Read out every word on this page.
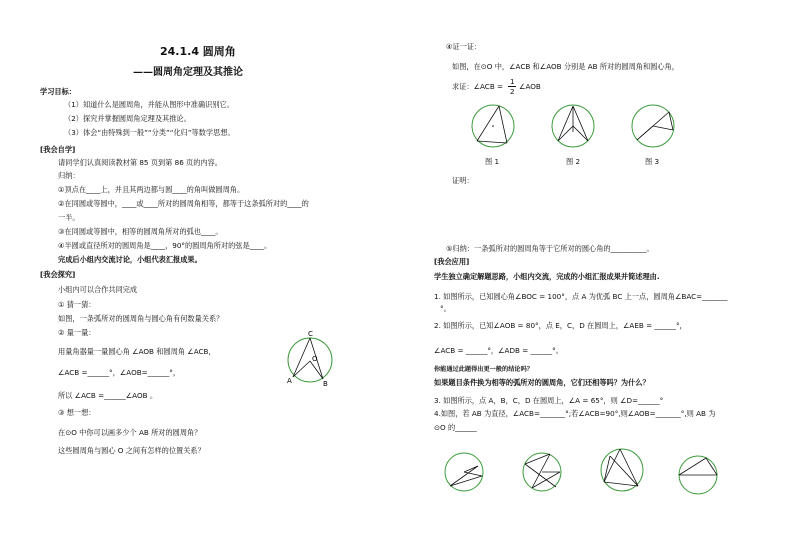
24.1.4 圆周角
——圆周角定理及其推论
学习目标：
（1）知道什么是圆周角，并能从图形中准确识别它。
（2）探究并掌握圆周角定理及其推论。
（3）体会“由特殊到一般”“分类”“化归”等数学思想。
[我会自学]
请同学们认真阅读教材第 85 页到第 86 页的内容。
归纳：
①顶点在____上，并且其两边都与圆____的角叫做圆周角。
②在同圆或等圆中，____或____所对的圆周角相等，都等于这条弧所对的____的
一半。
③在同圆或等圆中，相等的圆周角所对的弧也____。
④半圆或直径所对的圆周角是____，90°的圆周角所对的弦是____。
完成后小组内交流讨论，小组代表汇报成果。
[我会探究]
小组内可以合作共同完成
① 猜一猜：
如图，一条弧所对的圆周角与圆心角有何数量关系？
② 量一量：
用量角器量一量圆心角 ∠AOB 和圆周角 ∠ACB，
∠ACB =______°，∠AOB=______°，
所以 ∠ACB =______∠AOB 。
③ 想一想：
在⊙O 中你可以画多少个 AB 所对的圆周角？
这些圆周角与圆心 O 之间有怎样的位置关系？
C
O
A	B
④证一证：
如图，在⊙O 中，∠ACB 和∠AOB 分别是 AB 所对的圆周角和圆心角，
求证：∠ACB =
1
2
∠AOB
图 1	图 2	图 3
证明：
⑤归纳：一条弧所对的圆周角等于它所对的圆心角的__________。
[我会应用]
学生独立确定解题思路，小组内交流，完成的小组汇报成果并简述理由.
1. 如图所示，已知圆心角∠BOC = 100°，点 A 为优弧 BC 上一点，圆周角∠BAC=_______
°。
2. 如图所示，已知∠AOB = 80°，点 E，C，D 在圆周上，∠AEB = ______°，
∠ACB = ______°，∠ADB = ______°。
你能通过此题得出更一般的结论吗？
如果题目条件换为相等的弧所对的圆周角，它们还相等吗？为什么？
3. 如图所示，点 A，B，C，D 在圆周上，∠A = 65°，则 ∠D=______°
4.如图，若 AB 为直径，∠ACB=_______°;若∠ACB=90°,则∠AOB=_______°,则 AB 为
⊙O 的______
